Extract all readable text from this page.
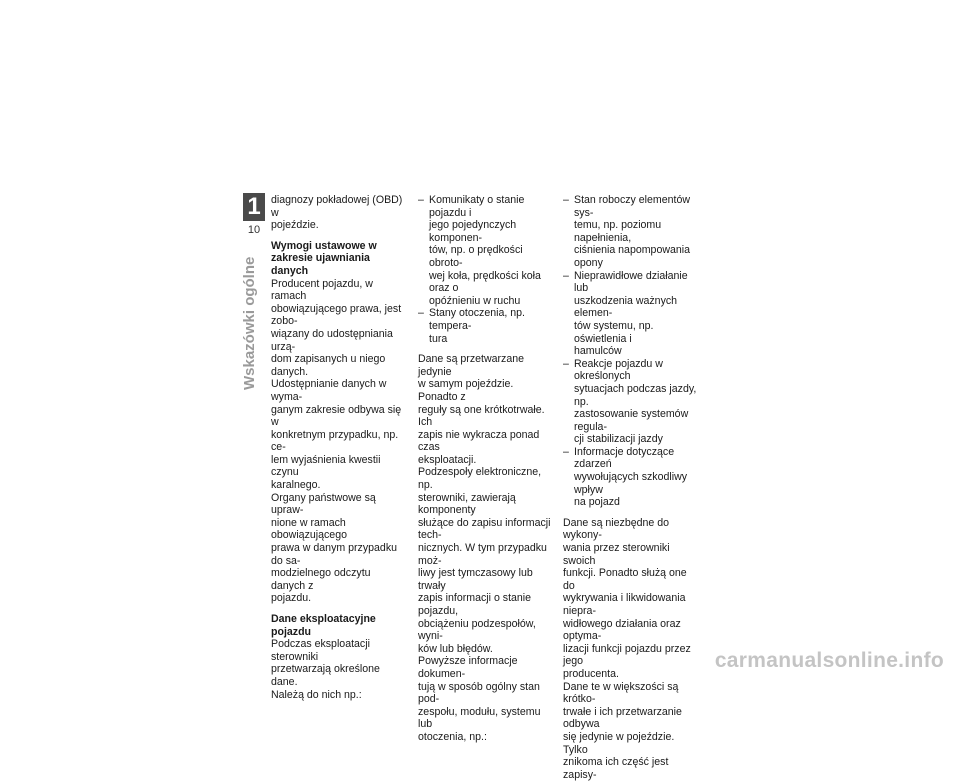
1
10
Wskazówki ogólne

diagnozy pokładowej (OBD) w
pojeździe.

Wymogi ustawowe w
zakresie ujawniania danych

Producent pojazdu, w ramach
obowiązującego prawa, jest zobo-
wiązany do udostępniania urzą-
dom zapisanych u niego danych.
Udostępnianie danych w wyma-
ganym zakresie odbywa się w
konkretnym przypadku, np. ce-
lem wyjaśnienia kwestii czynu
karalnego.

Organy państwowe są upraw-
nione w ramach obowiązującego
prawa w danym przypadku do sa-
modzielnego odczytu danych z
pojazdu.

Dane eksploatacyjne pojazdu

Podczas eksploatacji sterowniki
przetwarzają określone dane.
Należą do nich np.:

– Komunikaty o stanie pojazdu i
jego pojedynczych komponen-
tów, np. o prędkości obroto-
wej koła, prędkości koła oraz o
opóźnieniu w ruchu
– Stany otoczenia, np. tempera-
tura

Dane są przetwarzane jedynie
w samym pojeździe. Ponadto z
reguły są one krótkotrwałe. Ich
zapis nie wykracza ponad czas
eksploatacji.

Podzespoły elektroniczne, np.
sterowniki, zawierają komponenty
służące do zapisu informacji tech-
nicznych. W tym przypadku moż-
liwy jest tymczasowy lub trwały
zapis informacji o stanie pojazdu,
obciążeniu podzespołów, wyni-
ków lub błędów.

Powyższe informacje dokumen-
tują w sposób ogólny stan pod-
zespołu, modułu, systemu lub
otoczenia, np.:

– Stan roboczy elementów sys-
temu, np. poziomu napełnienia,
ciśnienia napompowania opony
– Nieprawidłowe działanie lub
uszkodzenia ważnych elemen-
tów systemu, np. oświetlenia i
hamulców
– Reakcje pojazdu w określonych
sytuacjach podczas jazdy, np.
zastosowanie systemów regula-
cji stabilizacji jazdy
– Informacje dotyczące zdarzeń
wywołujących szkodliwy wpływ
na pojazd

Dane są niezbędne do wykony-
wania przez sterowniki swoich
funkcji. Ponadto służą one do
wykrywania i likwidowania niepra-
widłowego działania oraz optyma-
lizacji funkcji pojazdu przez jego
producenta.

Dane te w większości są krótko-
trwałe i ich przetwarzanie odbywa
się jedynie w pojeździe. Tylko
znikoma ich część jest zapisy-

carmanualsonline.info
